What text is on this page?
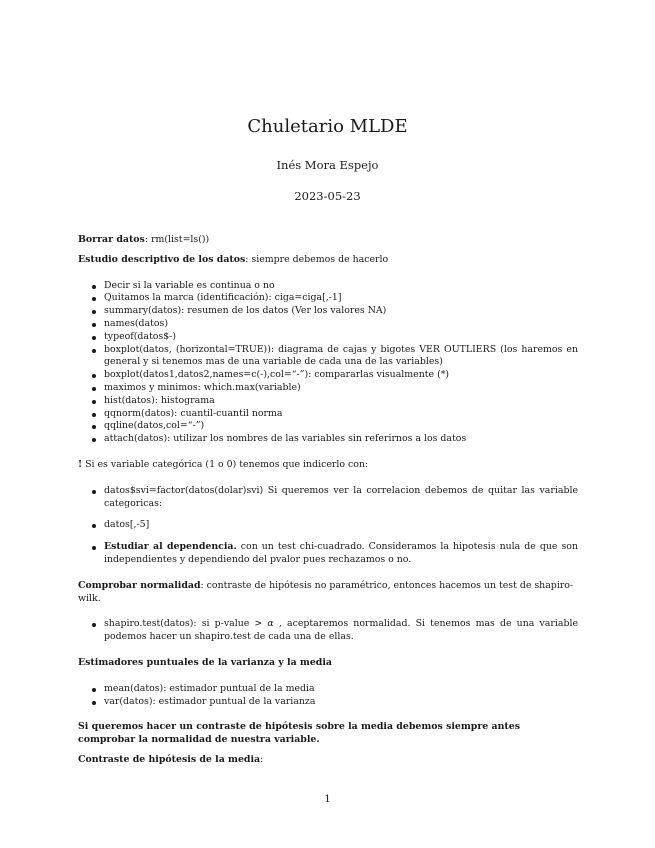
Chuletario MLDE
Inés Mora Espejo
2023-05-23

Borrar datos: rm(list=ls())

Estudio descriptivo de los datos: siempre debemos de hacerlo

Decir si la variable es continua o no
Quitamos la marca (identificación): ciga=ciga[,-1]
summary(datos): resumen de los datos (Ver los valores NA)
names(datos)
typeof(datos$-)
boxplot(datos, (horizontal=TRUE)): diagrama de cajas y bigotes VER OUTLIERS (los haremos en general y si tenemos mas de una variable de cada una de las variables)
boxplot(datos1,datos2,names=c(-),col=“-”): compararlas visualmente (*)
maximos y minimos: which.max(variable)
hist(datos): histograma
qqnorm(datos): cuantil-cuantil norma
qqline(datos,col=“-”)
attach(datos): utilizar los nombres de las variables sin referirnos a los datos

! Si es variable categórica (1 o 0) tenemos que indicerlo con:

datos$svi=factor(datos(dolar)svi) Si queremos ver la correlacion debemos de quitar las variable categoricas:
datos[,-5]
Estudiar al dependencia. con un test chi-cuadrado. Consideramos la hipotesis nula de que son independientes y dependiendo del pvalor pues rechazamos o no.

Comprobar normalidad: contraste de hipótesis no paramétrico, entonces hacemos un test de shapiro-wilk.

shapiro.test(datos): si p-value > α , aceptaremos normalidad. Si tenemos mas de una variable podemos hacer un shapiro.test de cada una de ellas.

Estimadores puntuales de la varianza y la media

mean(datos): estimador puntual de la media
var(datos): estimador puntual de la varianza

Si queremos hacer un contraste de hipótesis sobre la media debemos siempre antes comprobar la normalidad de nuestra variable.

Contraste de hipótesis de la media:

1
